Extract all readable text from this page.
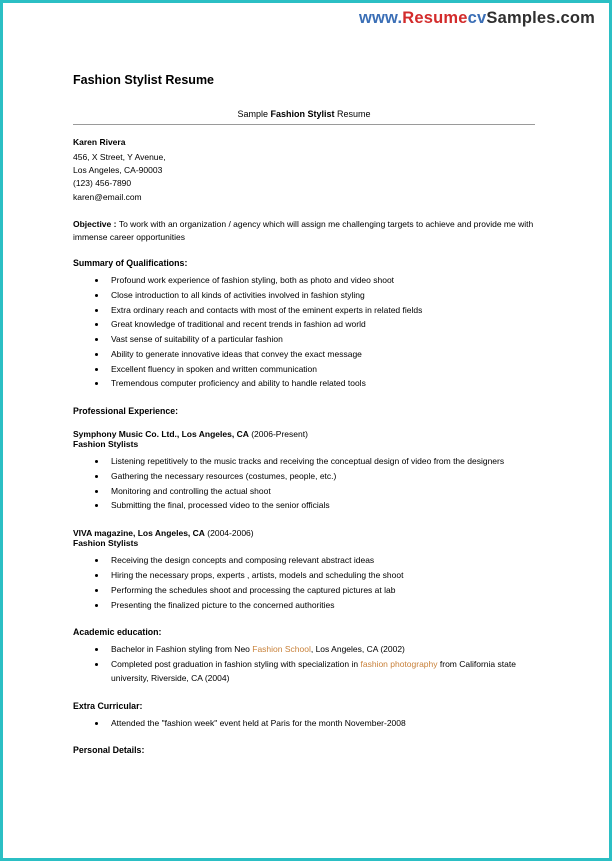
www.ResumecvSamples.com
Fashion Stylist Resume
Sample Fashion Stylist Resume
Karen Rivera
456, X Street, Y Avenue,
Los Angeles, CA-90003
(123) 456-7890
karen@email.com
Objective : To work with an organization / agency which will assign me challenging targets to achieve and provide me with immense career opportunities
Summary of Qualifications:
• Profound work experience of fashion styling, both as photo and video shoot
• Close introduction to all kinds of activities involved in fashion styling
• Extra ordinary reach and contacts with most of the eminent experts in related fields
• Great knowledge of traditional and recent trends in fashion ad world
• Vast sense of suitability of a particular fashion
• Ability to generate innovative ideas that convey the exact message
• Excellent fluency in spoken and written communication
• Tremendous computer proficiency and ability to handle related tools
Professional Experience:
Symphony Music Co. Ltd., Los Angeles, CA (2006-Present)
Fashion Stylists
• Listening repetitively to the music tracks and receiving the conceptual design of video from the designers
• Gathering the necessary resources (costumes, people, etc.)
• Monitoring and controlling the actual shoot
• Submitting the final, processed video to the senior officials
VIVA magazine, Los Angeles, CA (2004-2006)
Fashion Stylists
• Receiving the design concepts and composing relevant abstract ideas
• Hiring the necessary props, experts , artists, models and scheduling the shoot
• Performing the schedules shoot and processing the captured pictures at lab
• Presenting the finalized picture to the concerned authorities
Academic education:
• Bachelor in Fashion styling from Neo Fashion School, Los Angeles, CA (2002)
• Completed post graduation in fashion styling with specialization in fashion photography from California state university, Riverside, CA (2004)
Extra Curricular:
• Attended the "fashion week" event held at Paris for the month November-2008
Personal Details:
